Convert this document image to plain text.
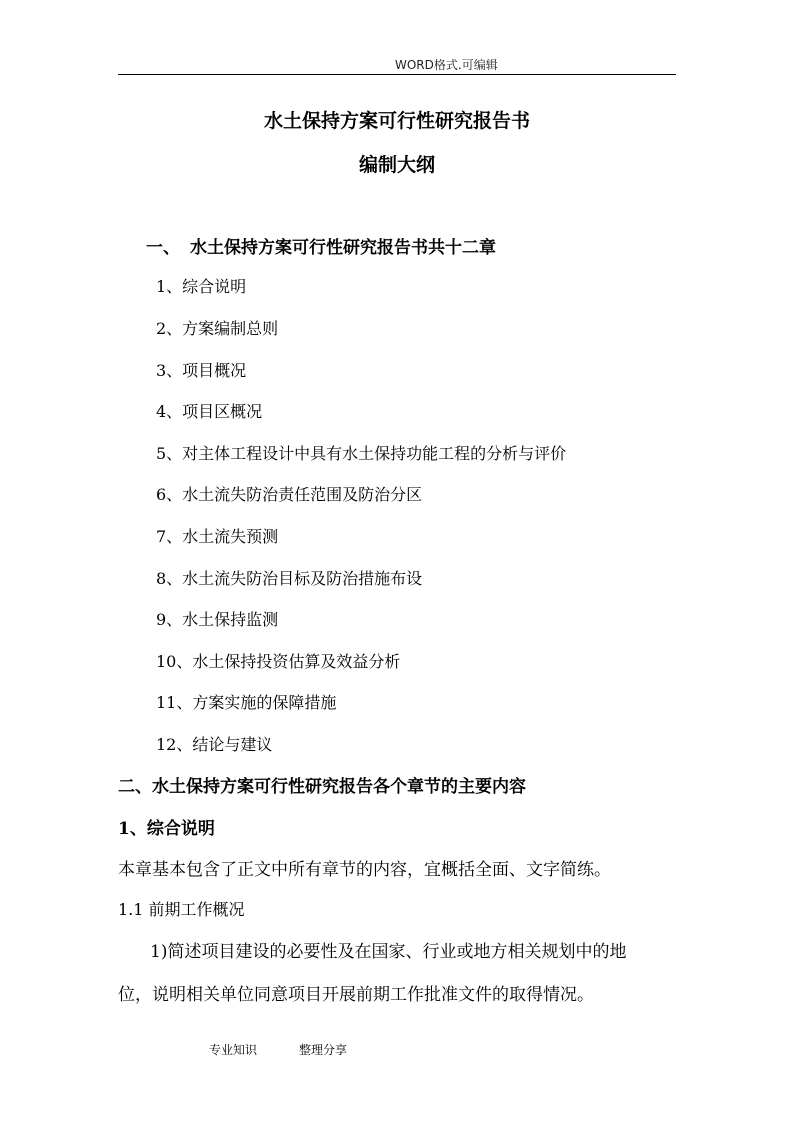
WORD格式.可编辑
水土保持方案可行性研究报告书
编制大纲
一、 水土保持方案可行性研究报告书共十二章
1、综合说明
2、方案编制总则
3、项目概况
4、项目区概况
5、对主体工程设计中具有水土保持功能工程的分析与评价
6、水土流失防治责任范围及防治分区
7、水土流失预测
8、水土流失防治目标及防治措施布设
9、水土保持监测
10、水土保持投资估算及效益分析
11、方案实施的保障措施
12、结论与建议
二、水土保持方案可行性研究报告各个章节的主要内容
1、综合说明
本章基本包含了正文中所有章节的内容，宜概括全面、文字简练。
1.1 前期工作概况
1)简述项目建设的必要性及在国家、行业或地方相关规划中的地
位，说明相关单位同意项目开展前期工作批准文件的取得情况。
专业知识	整理分享
